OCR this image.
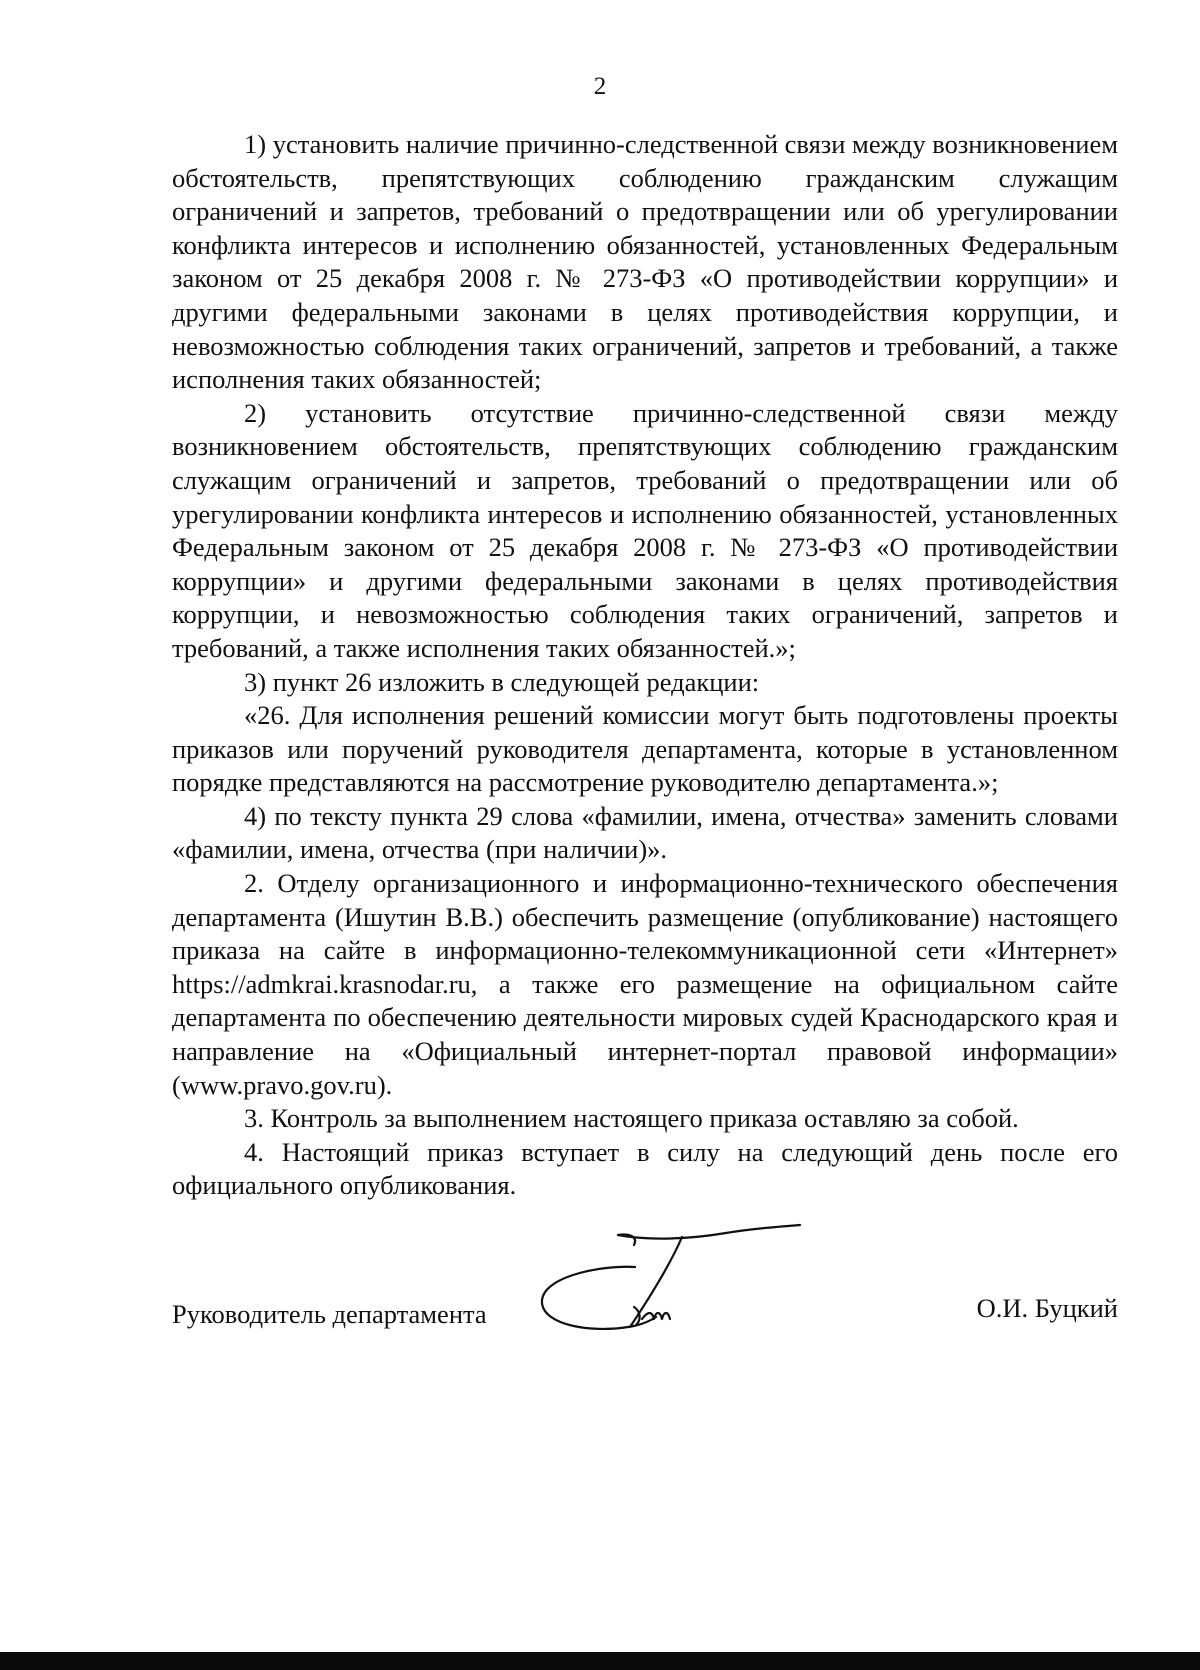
2

1) установить наличие причинно-следственной связи между возникновением обстоятельств, препятствующих соблюдению гражданским служащим ограничений и запретов, требований о предотвращении или об урегулировании конфликта интересов и исполнению обязанностей, установленных Федеральным законом от 25 декабря 2008 г. № 273-ФЗ «О противодействии коррупции» и другими федеральными законами в целях противодействия коррупции, и невозможностью соблюдения таких ограничений, запретов и требований, а также исполнения таких обязанностей;

2) установить отсутствие причинно-следственной связи между возникновением обстоятельств, препятствующих соблюдению гражданским служащим ограничений и запретов, требований о предотвращении или об урегулировании конфликта интересов и исполнению обязанностей, установленных Федеральным законом от 25 декабря 2008 г. № 273-ФЗ «О противодействии коррупции» и другими федеральными законами в целях противодействия коррупции, и невозможностью соблюдения таких ограничений, запретов и требований, а также исполнения таких обязанностей.»;

3) пункт 26 изложить в следующей редакции:

«26. Для исполнения решений комиссии могут быть подготовлены проекты приказов или поручений руководителя департамента, которые в установленном порядке представляются на рассмотрение руководителю департамента.»;

4) по тексту пункта 29 слова «фамилии, имена, отчества» заменить словами «фамилии, имена, отчества (при наличии)».

2. Отделу организационного и информационно-технического обеспечения департамента (Ишутин В.В.) обеспечить размещение (опубликование) настоящего приказа на сайте в информационно-телекоммуникационной сети «Интернет» https://admkrai.krasnodar.ru, а также его размещение на официальном сайте департамента по обеспечению деятельности мировых судей Краснодарского края и направление на «Официальный интернет-портал правовой информации» (www.pravo.gov.ru).

3. Контроль за выполнением настоящего приказа оставляю за собой.

4. Настоящий приказ вступает в силу на следующий день после его официального опубликования.

Руководитель департамента	О.И. Буцкий
